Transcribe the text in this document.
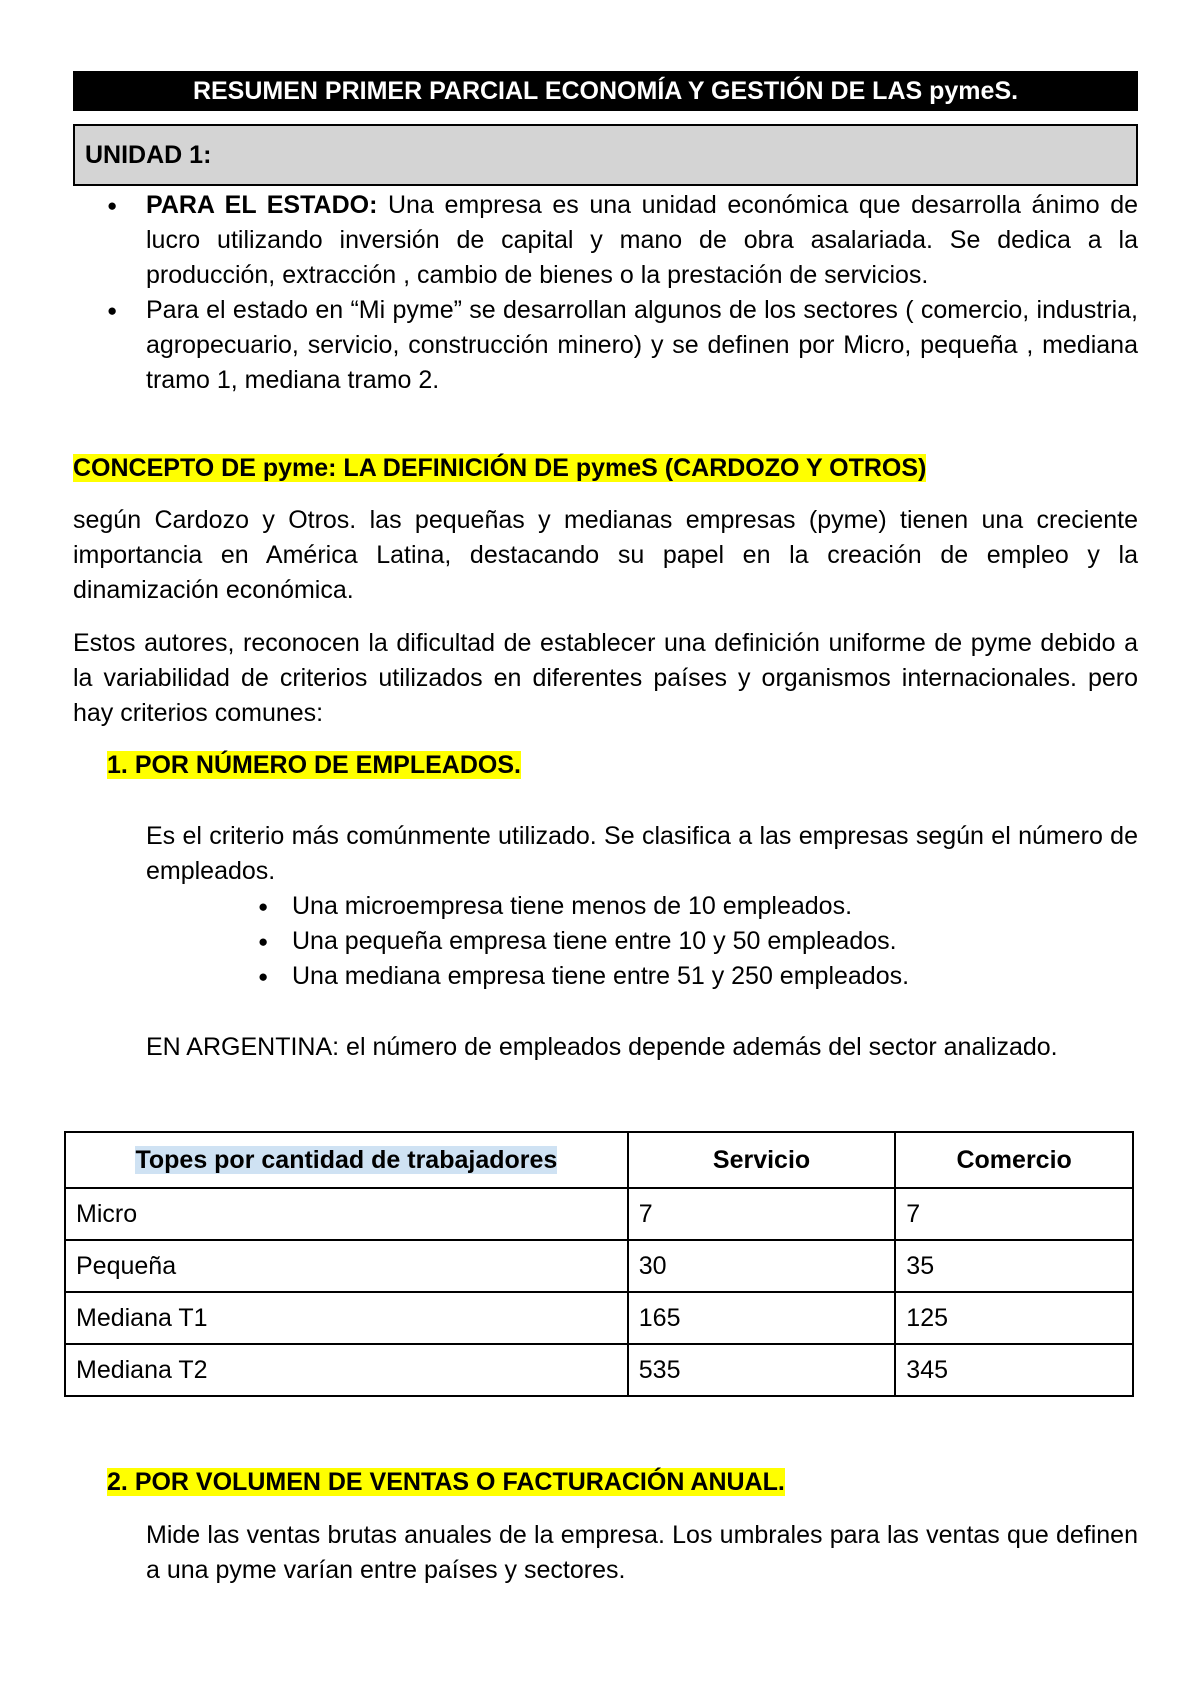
RESUMEN PRIMER PARCIAL ECONOMÍA Y GESTIÓN DE LAS pymeS.
UNIDAD 1:
● PARA EL ESTADO: Una empresa es una unidad económica que desarrolla ánimo de lucro utilizando inversión de capital y mano de obra asalariada. Se dedica a la producción, extracción , cambio de bienes o la prestación de servicios.
● Para el estado en “Mi pyme” se desarrollan algunos de los sectores ( comercio, industria, agropecuario, servicio, construcción minero) y se definen por Micro, pequeña , mediana tramo 1, mediana tramo 2.
CONCEPTO DE pyme: LA DEFINICIÓN DE pymeS (CARDOZO Y OTROS)
según Cardozo y Otros. las pequeñas y medianas empresas (pyme) tienen una creciente importancia en América Latina, destacando su papel en la creación de empleo y la dinamización económica.
Estos autores, reconocen la dificultad de establecer una definición uniforme de pyme debido a la variabilidad de criterios utilizados en diferentes países y organismos internacionales. pero hay criterios comunes:
1. POR NÚMERO DE EMPLEADOS.
Es el criterio más comúnmente utilizado. Se clasifica a las empresas según el número de empleados.
● Una microempresa tiene menos de 10 empleados.
● Una pequeña empresa tiene entre 10 y 50 empleados.
● Una mediana empresa tiene entre 51 y 250 empleados.
EN ARGENTINA: el número de empleados depende además del sector analizado.
Topes por cantidad de trabajadores	Servicio	Comercio
Micro	7	7
Pequeña	30	35
Mediana T1	165	125
Mediana T2	535	345
2. POR VOLUMEN DE VENTAS O FACTURACIÓN ANUAL.
Mide las ventas brutas anuales de la empresa. Los umbrales para las ventas que definen a una pyme varían entre países y sectores.
